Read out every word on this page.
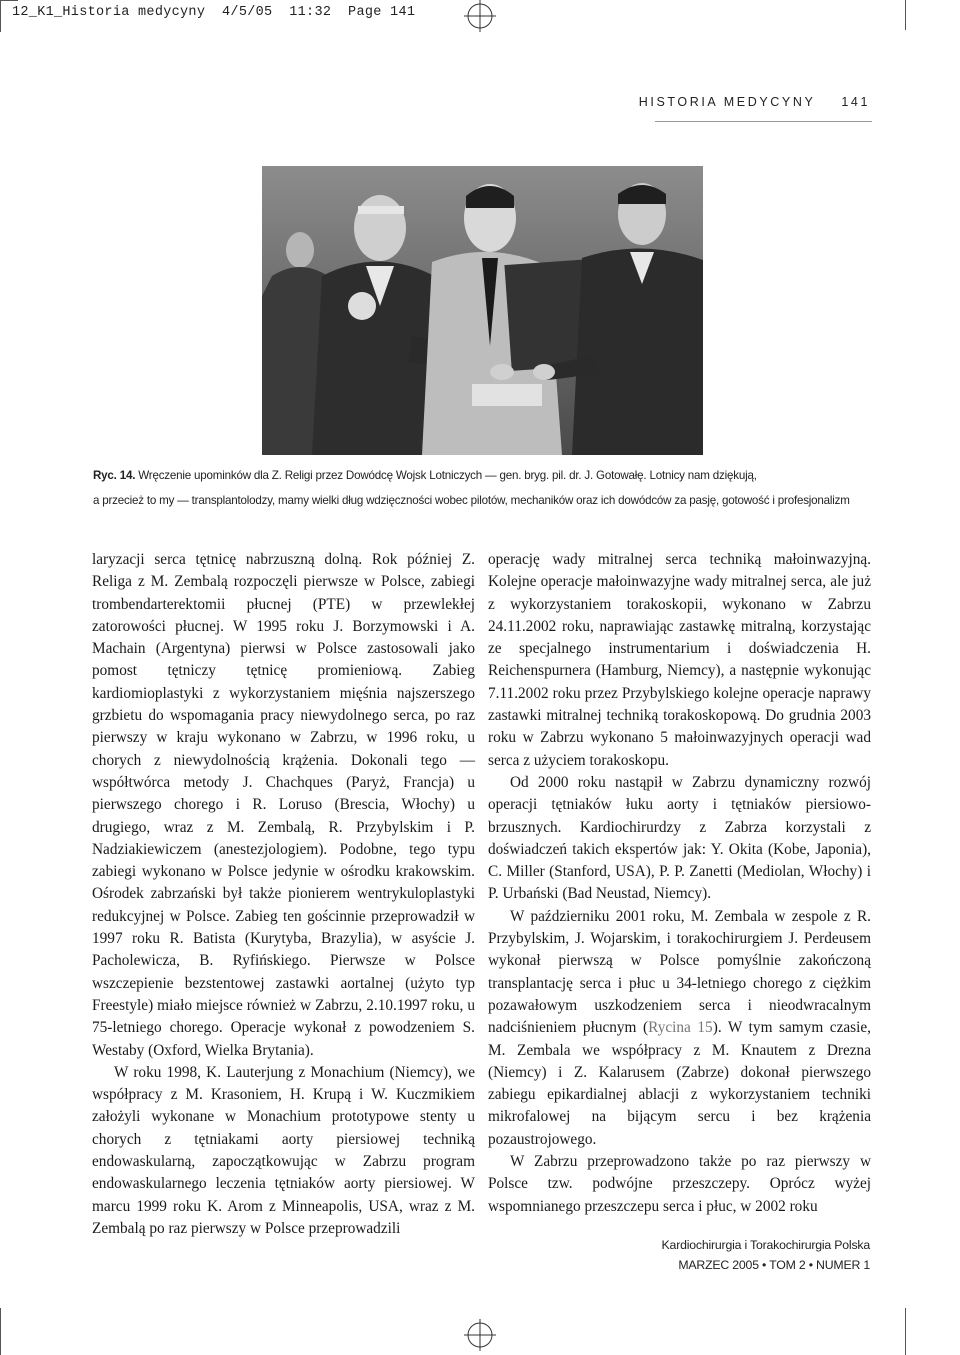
12_K1_Historia medycyny  4/5/05  11:32  Page 141
HISTORIA MEDYCYNY 141

Ryc. 14. Wręczenie upominków dla Z. Religi przez Dowódcę Wojsk Lotniczych — gen. bryg. pil. dr. J. Gotowałę. Lotnicy nam dziękują,

a przecież to my — transplantolodzy, mamy wielki dług wdzięczności wobec pilotów, mechaników oraz ich dowódców za pasję, gotowość i profesjonalizm

laryzacji serca tętnicę nabrzuszną dolną. Rok później Z. Religa z M. Zembalą rozpoczęli pierwsze w Polsce, zabiegi trombendarterektomii płucnej (PTE) w przewlekłej zatorowości płucnej. W 1995 roku J. Borzymowski i A. Machain (Argentyna) pierwsi w Polsce zastosowali jako pomost tętniczy tętnicę promieniową. Zabieg kardiomioplastyki z wykorzystaniem mięśnia najszerszego grzbietu do wspomagania pracy niewydolnego serca, po raz pierwszy w kraju wykonano w Zabrzu, w 1996 roku, u chorych z niewydolnością krążenia. Dokonali tego — współtwórca metody J. Chachques (Paryż, Francja) u pierwszego chorego i R. Loruso (Brescia, Włochy) u drugiego, wraz z M. Zembalą, R. Przybylskim i P. Nadziakiewiczem (anestezjologiem). Podobne, tego typu zabiegi wykonano w Polsce jedynie w ośrodku krakowskim. Ośrodek zabrzański był także pionierem wentrykuloplastyki redukcyjnej w Polsce. Zabieg ten gościnnie przeprowadził w 1997 roku R. Batista (Kurytyba, Brazylia), w asyście J. Pacholewicza, B. Ryfińskiego. Pierwsze w Polsce wszczepienie bezstentowej zastawki aortalnej (użyto typ Freestyle) miało miejsce również w Zabrzu, 2.10.1997 roku, u 75-letniego chorego. Operacje wykonał z powodzeniem S. Westaby (Oxford, Wielka Brytania).

W roku 1998, K. Lauterjung z Monachium (Niemcy), we współpracy z M. Krasoniem, H. Krupą i W. Kuczmikiem założyli wykonane w Monachium prototypowe stenty u chorych z tętniakami aorty piersiowej techniką endowaskularną, zapoczątkowując w Zabrzu program endowaskularnego leczenia tętniaków aorty piersiowej. W marcu 1999 roku K. Arom z Minneapolis, USA, wraz z M. Zembalą po raz pierwszy w Polsce przeprowadzili

operację wady mitralnej serca techniką małoinwazyjną. Kolejne operacje małoinwazyjne wady mitralnej serca, ale już z wykorzystaniem torakoskopii, wykonano w Zabrzu 24.11.2002 roku, naprawiając zastawkę mitralną, korzystając ze specjalnego instrumentarium i doświadczenia H. Reichenspurnera (Hamburg, Niemcy), a następnie wykonując 7.11.2002 roku przez Przybylskiego kolejne operacje naprawy zastawki mitralnej techniką torakoskopową. Do grudnia 2003 roku w Zabrzu wykonano 5 małoinwazyjnych operacji wad serca z użyciem torakoskopu.

Od 2000 roku nastąpił w Zabrzu dynamiczny rozwój operacji tętniaków łuku aorty i tętniaków piersiowo-brzusznych. Kardiochirurdzy z Zabrza korzystali z doświadczeń takich ekspertów jak: Y. Okita (Kobe, Japonia), C. Miller (Stanford, USA), P. P. Zanetti (Mediolan, Włochy) i P. Urbański (Bad Neustad, Niemcy).

W październiku 2001 roku, M. Zembala w zespole z R. Przybylskim, J. Wojarskim, i torakochirurgiem J. Perdeusem wykonał pierwszą w Polsce pomyślnie zakończoną transplantację serca i płuc u 34-letniego chorego z ciężkim pozawałowym uszkodzeniem serca i nieodwracalnym nadciśnieniem płucnym (Rycina 15). W tym samym czasie, M. Zembala we współpracy z M. Knautem z Drezna (Niemcy) i Z. Kalarusem (Zabrze) dokonał pierwszego zabiegu epikardialnej ablacji z wykorzystaniem techniki mikrofalowej na bijącym sercu i bez krążenia pozaustrojowego.

W Zabrzu przeprowadzono także po raz pierwszy w Polsce tzw. podwójne przeszczepy. Oprócz wyżej wspomnianego przeszczepu serca i płuc, w 2002 roku

Kardiochirurgia i Torakochirurgia Polska
MARZEC 2005 • TOM 2 • NUMER 1
